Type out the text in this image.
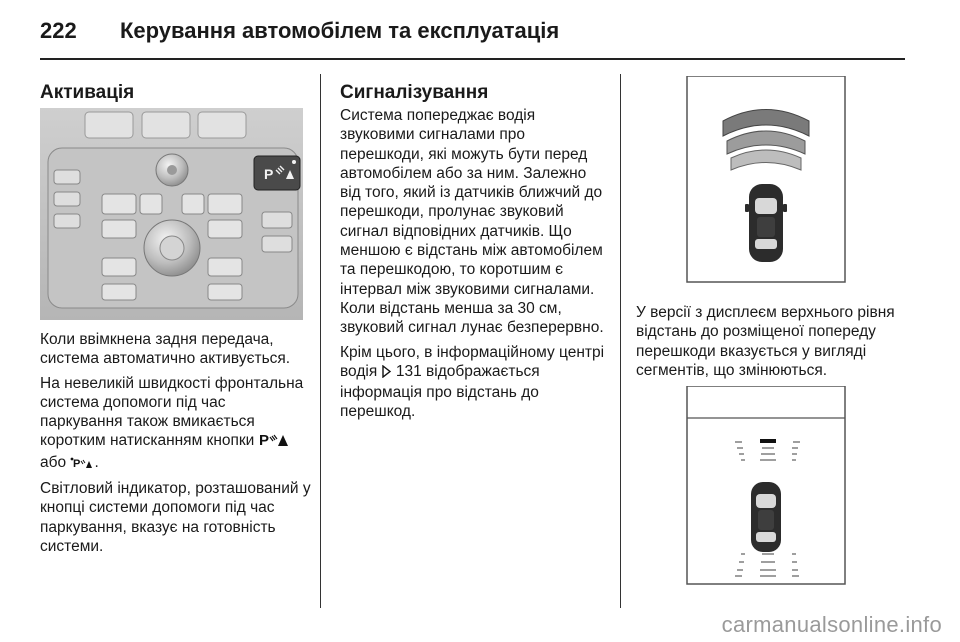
222 Керування автомобілем та експлуатація
Активація
P

Коли ввімкнена задня передача, система автоматично активується.

На невеликій швидкості фронтальна система допомоги під час паркування також вмикається коротким натисканням кнопки P

або P .

Світловий індикатор, розташований у кнопці системи допомоги під час паркування, вказує на готовність системи.

Сигналізування

Система попереджає водія звуковими сигналами про перешкоди, які можуть бути перед автомобілем або за ним. Залежно від того, який із датчиків ближчий до перешкоди, пролунає звуковий сигнал відповідних датчиків. Що меншою є відстань між автомобілем та перешкодою, то коротшим є інтервал між звуковими сигналами. Коли відстань менша за 30 см, звуковий сигнал лунає безперервно.

Крім цього, в інформаційному центрі водія 131 відображається інформація про відстань до перешкод.

У версії з дисплеєм верхнього рівня відстань до розміщеної попереду перешкоди вказується у вигляді сегментів, що змінюються.

carmanualsonline.info
